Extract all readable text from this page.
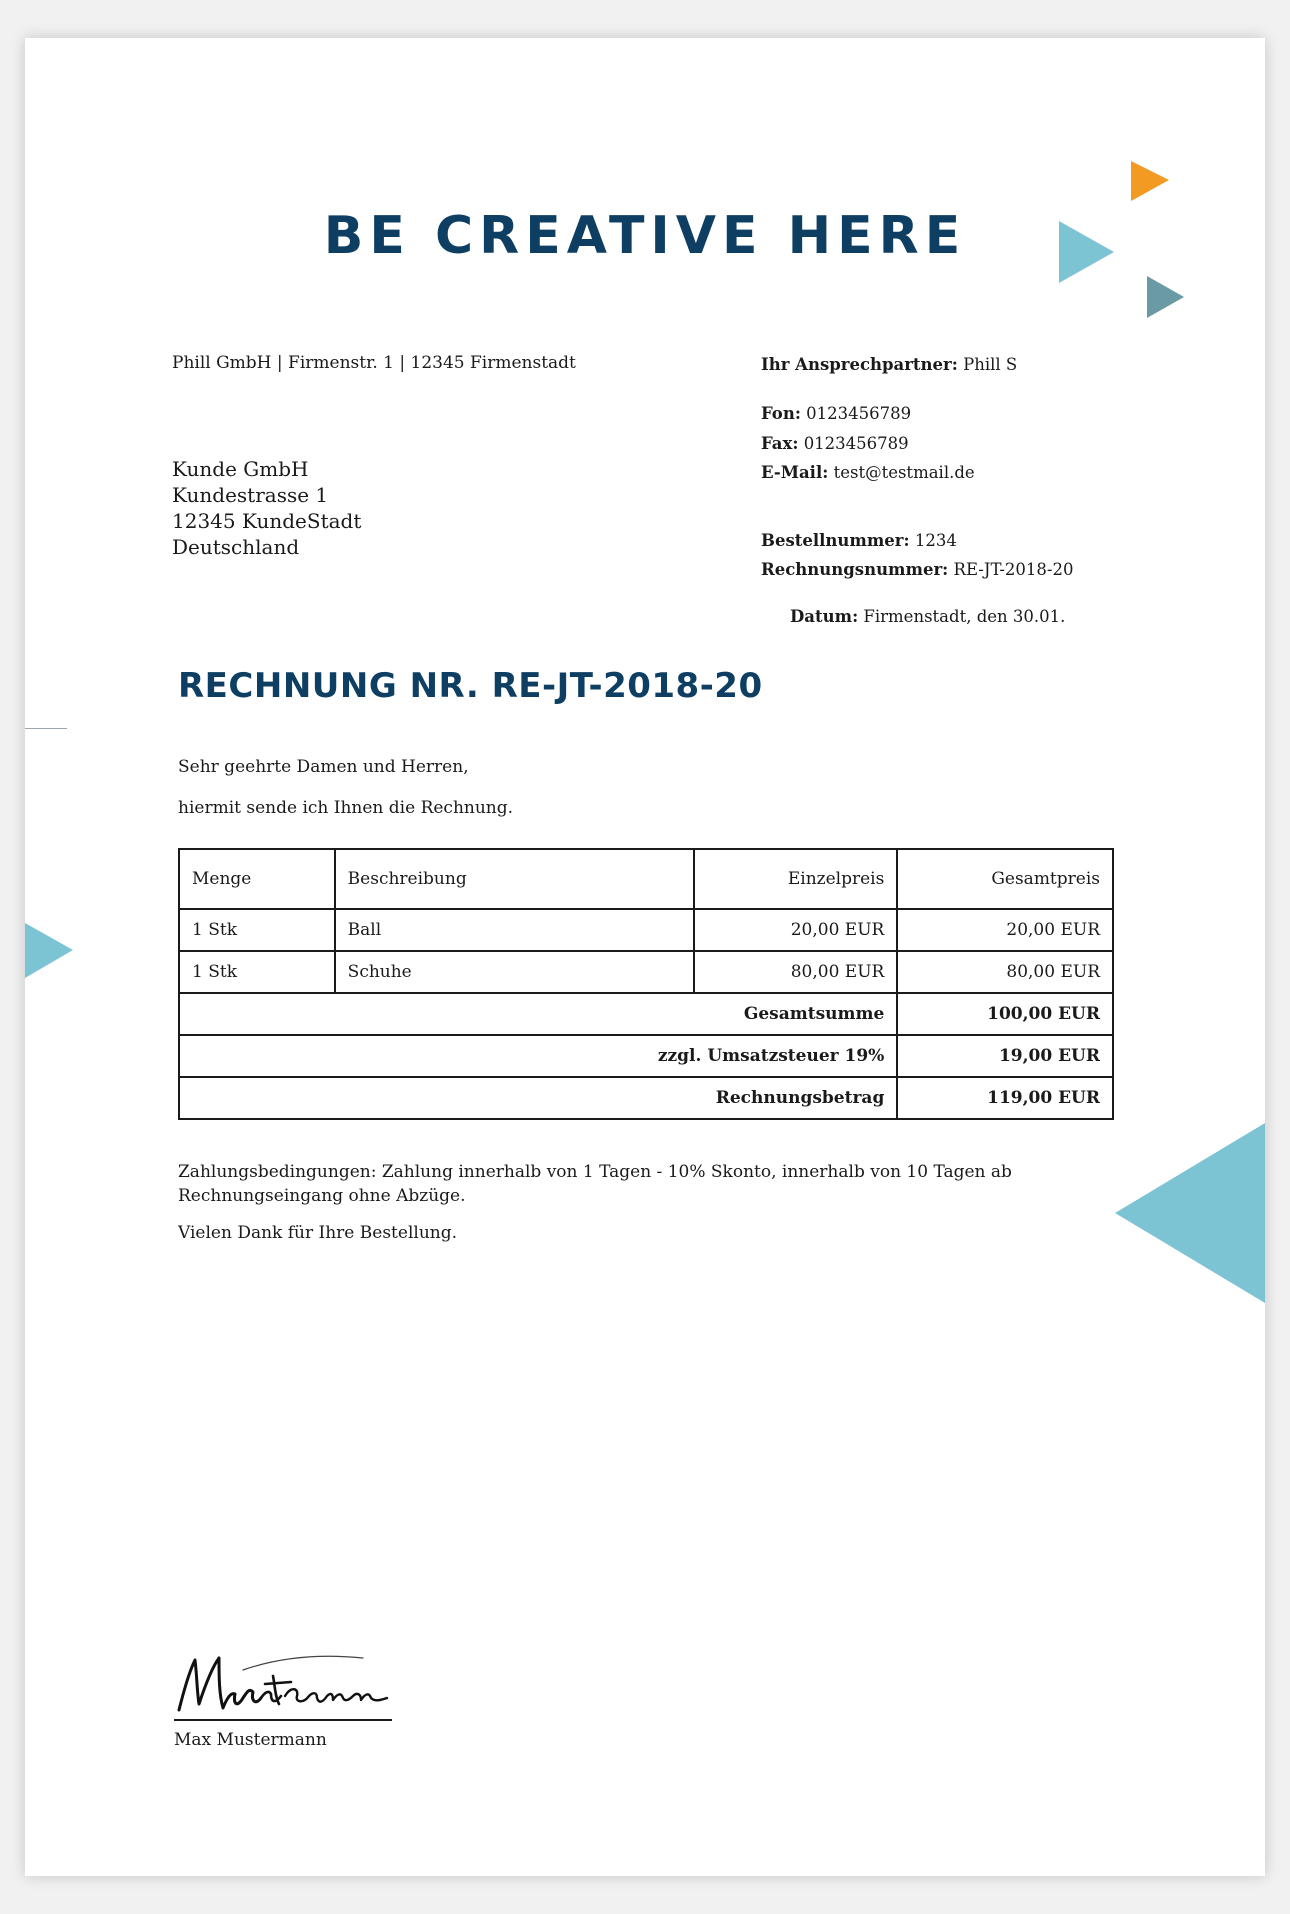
BE CREATIVE HERE
Phill GmbH | Firmenstr. 1 | 12345 Firmenstadt
Kunde GmbH
Kundestrasse 1
12345 KundeStadt
Deutschland
Ihr Ansprechpartner: Phill S
Fon: 0123456789
Fax: 0123456789
E-Mail: test@testmail.de
Bestellnummer: 1234
Rechnungsnummer: RE-JT-2018-20
Datum: Firmenstadt, den 30.01.
RECHNUNG NR. RE-JT-2018-20

Sehr geehrte Damen und Herren,

hiermit sende ich Ihnen die Rechnung.

Menge	Beschreibung	Einzelpreis	Gesamtpreis
1 Stk	Ball	20,00 EUR	20,00 EUR
1 Stk	Schuhe	80,00 EUR	80,00 EUR
Gesamtsumme			100,00 EUR
zzgl. Umsatzsteuer 19%			19,00 EUR
Rechnungsbetrag			119,00 EUR

Zahlungsbedingungen: Zahlung innerhalb von 1 Tagen - 10% Skonto, innerhalb von 10 Tagen ab Rechnungseingang ohne Abzüge.

Vielen Dank für Ihre Bestellung.

Max Mustermann
